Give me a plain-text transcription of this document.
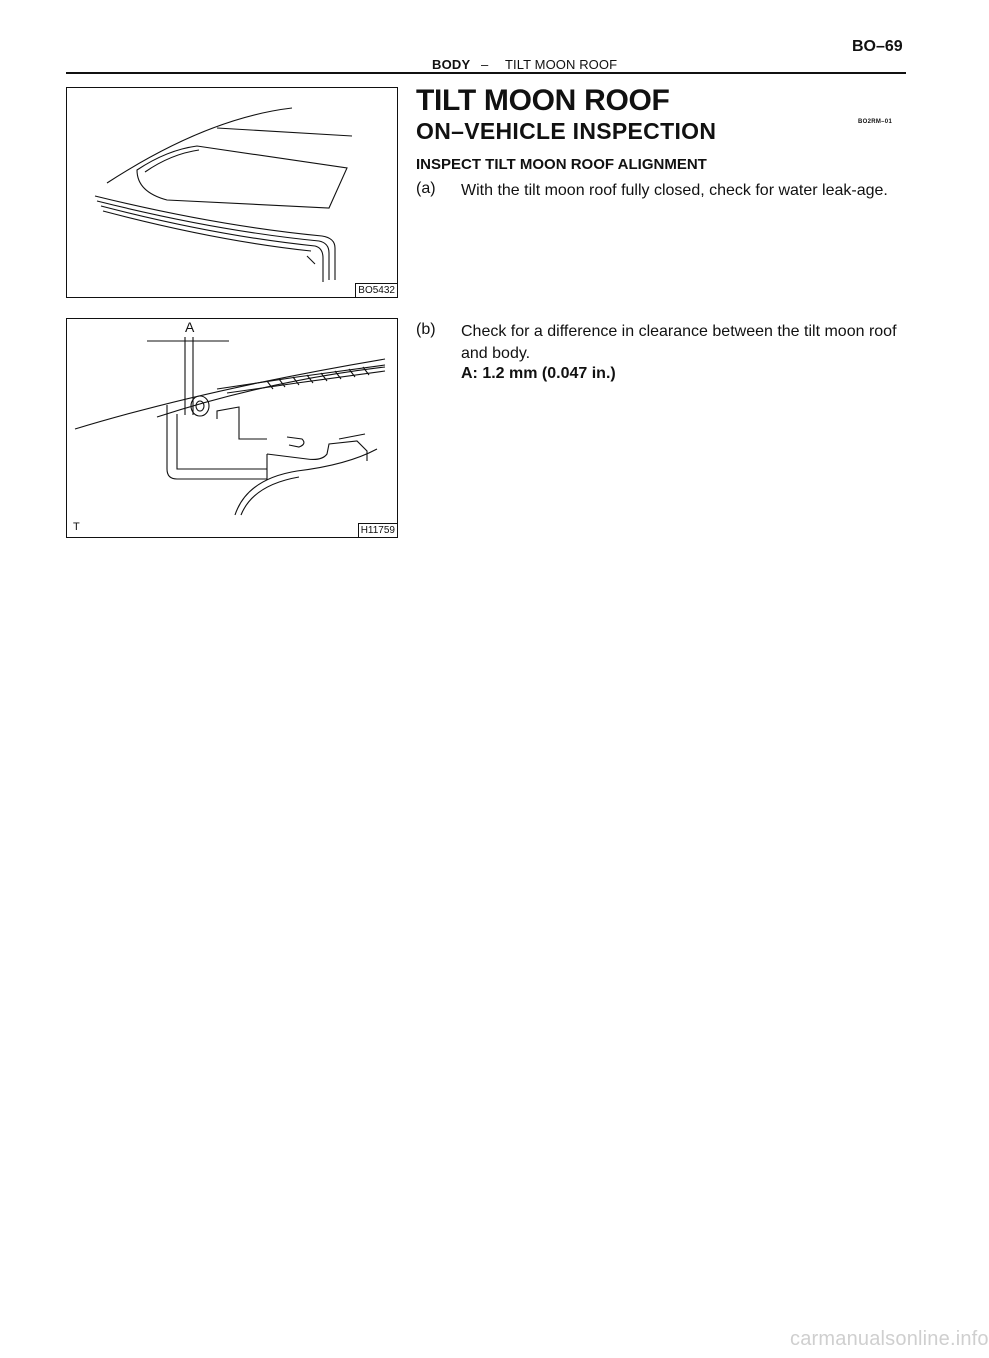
BO–69
BODY – TILT MOON ROOF
BO5432
A
T	H11759
TILT MOON ROOF
ON–VEHICLE INSPECTION	BO2RM–01
INSPECT TILT MOON ROOF ALIGNMENT
(a) With the tilt moon roof fully closed, check for water leak-age.
(b) Check for a difference in clearance between the tilt moon roof and body.
A: 1.2 mm (0.047 in.)
carmanualsonline.info
